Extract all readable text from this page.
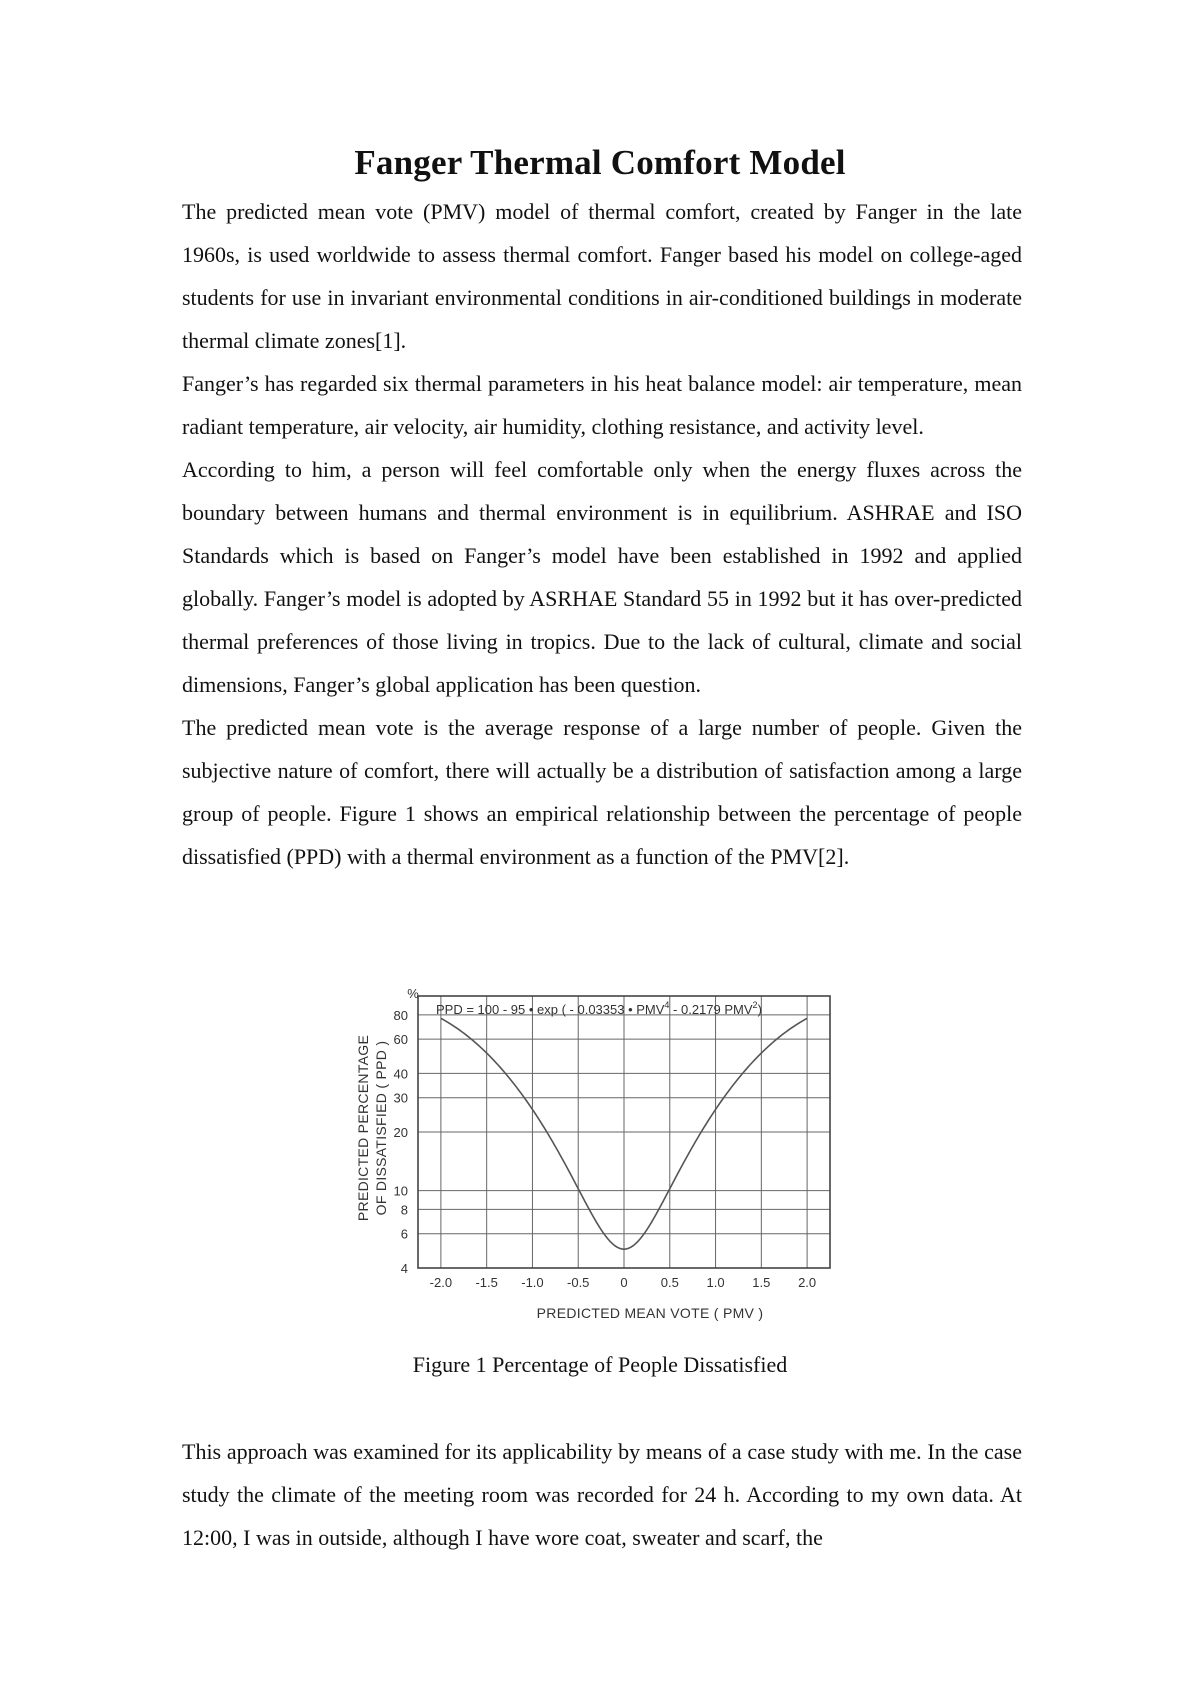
Fanger Thermal Comfort Model

The predicted mean vote (PMV) model of thermal comfort, created by Fanger in the late 1960s, is used worldwide to assess thermal comfort. Fanger based his model on college-aged students for use in invariant environmental conditions in air-conditioned buildings in moderate thermal climate zones[1].

Fanger’s has regarded six thermal parameters in his heat balance model: air temperature, mean radiant temperature, air velocity, air humidity, clothing resistance, and activity level.

According to him, a person will feel comfortable only when the energy fluxes across the boundary between humans and thermal environment is in equilibrium. ASHRAE and ISO Standards which is based on Fanger’s model have been established in 1992 and applied globally. Fanger’s model is adopted by ASRHAE Standard 55 in 1992 but it has over-predicted thermal preferences of those living in tropics. Due to the lack of cultural, climate and social dimensions, Fanger’s global application has been question.

The predicted mean vote is the average response of a large number of people. Given the subjective nature of comfort, there will actually be a distribution of satisfaction among a large group of people. Figure 1 shows an empirical relationship between the percentage of people dissatisfied (PPD) with a thermal environment as a function of the PMV[2].

-2.0 -1.5 -1.0 -0.5 0	0.5 1.0 1.5 2.0
4
6
8
10
20
30
40
60
80
%
PPD = 100 - 95 • exp ( - 0.03353 • PMV$^4$ - 0.2179 PMV$^2$)
PREDICTED PERCENTAGE OF DISSATISFIED ( PPD )
PREDICTED MEAN VOTE ( PMV )

Figure 1 Percentage of People Dissatisfied

This approach was examined for its applicability by means of a case study with me. In the case study the climate of the meeting room was recorded for 24 h. According to my own data. At 12:00, I was in outside, although I have wore coat, sweater and scarf, the
